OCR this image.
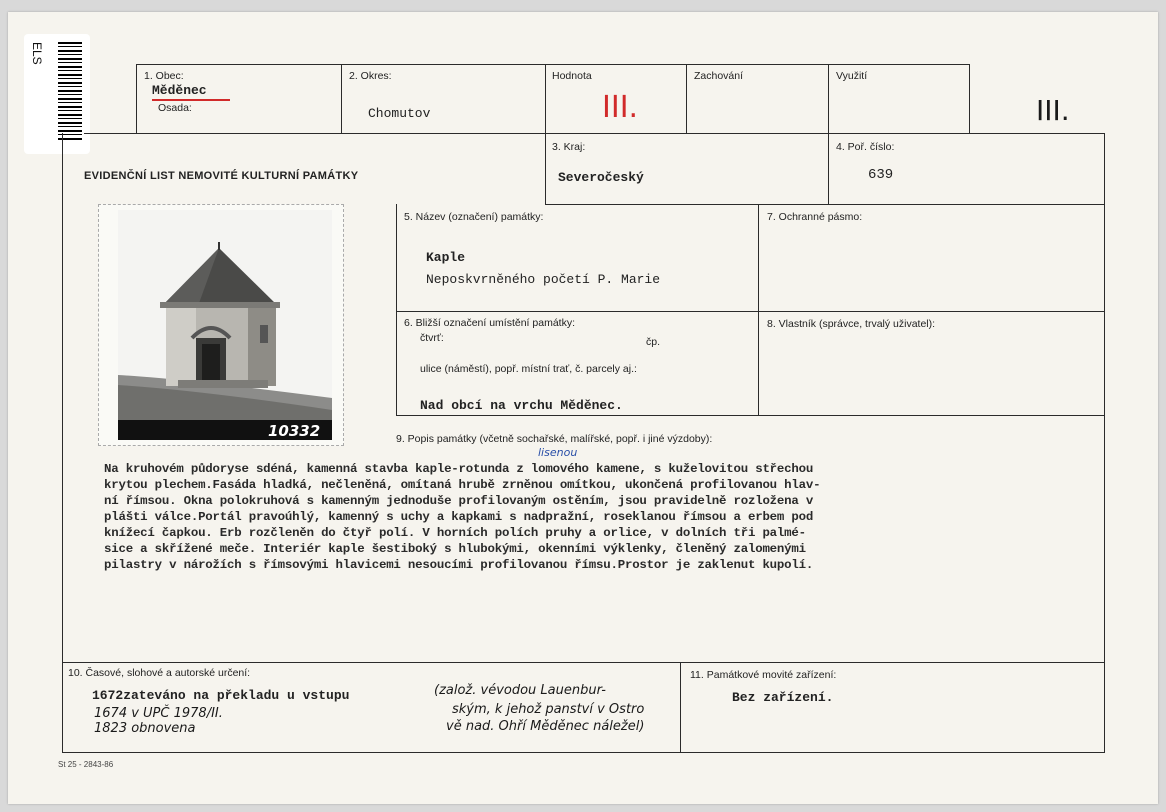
ELS
1. Obec:
Měděnec
Osada:
2. Okres:
Chomutov
Hodnota
III.
Zachování	Využití
III.
EVIDENČNÍ LIST NEMOVITÉ KULTURNÍ PAMÁTKY
3. Kraj:
Severočeský
4. Poř. číslo:
639
10332
5. Název (označení) památky:
Kaple
Neposkvrněného početí P. Marie
7. Ochranné pásmo:
6. Bližší označení umístění památky:
čtvrť:	čp.
ulice (náměstí), popř. místní trať, č. parcely aj.:
Nad obcí na vrchu Měděnec.
8. Vlastník (správce, trvalý uživatel):
9. Popis památky (včetně sochařské, malířské, popř. i jiné výzdoby):
lisenou
Na kruhovém půdoryse sdéná, kamenná stavba kaple-rotunda z lomového kamene, s kuželovitou střechou
krytou plechem.Fasáda hladká, nečleněná, omítaná hrubě zrněnou omítkou, ukončená profilovanou hlav-
ní římsou. Okna polokruhová s kamenným jednoduše profilovaným ostěním, jsou pravidelně rozložena v
plášti válce.Portál pravoúhlý, kamenný s uchy a kapkami s nadpražní, roseklanou římsou a erbem pod
knížecí čapkou. Erb rozčleněn do čtyř polí. V horních polích pruhy a orlice, v dolních tři palmé-
sice a skřížené meče. Interiér kaple šestiboký s hlubokými, okenními výklenky, členěný zalomenými
pilastry v nárožích s římsovými hlavicemi nesoucími profilovanou římsu.Prostor je zaklenut kupolí.
10. Časové, slohové a autorské určení:
1672zateváno na překladu u vstupu
1674 v UPČ 1978/II.
1823 obnovena
(založ. vévodou Lauenbur-
ským, k jehož panství v Ostro
vě nad. Ohří Měděnec náležel)
11. Památkové movité zařízení:
Bez zařízení.
St 25 - 2843-86
